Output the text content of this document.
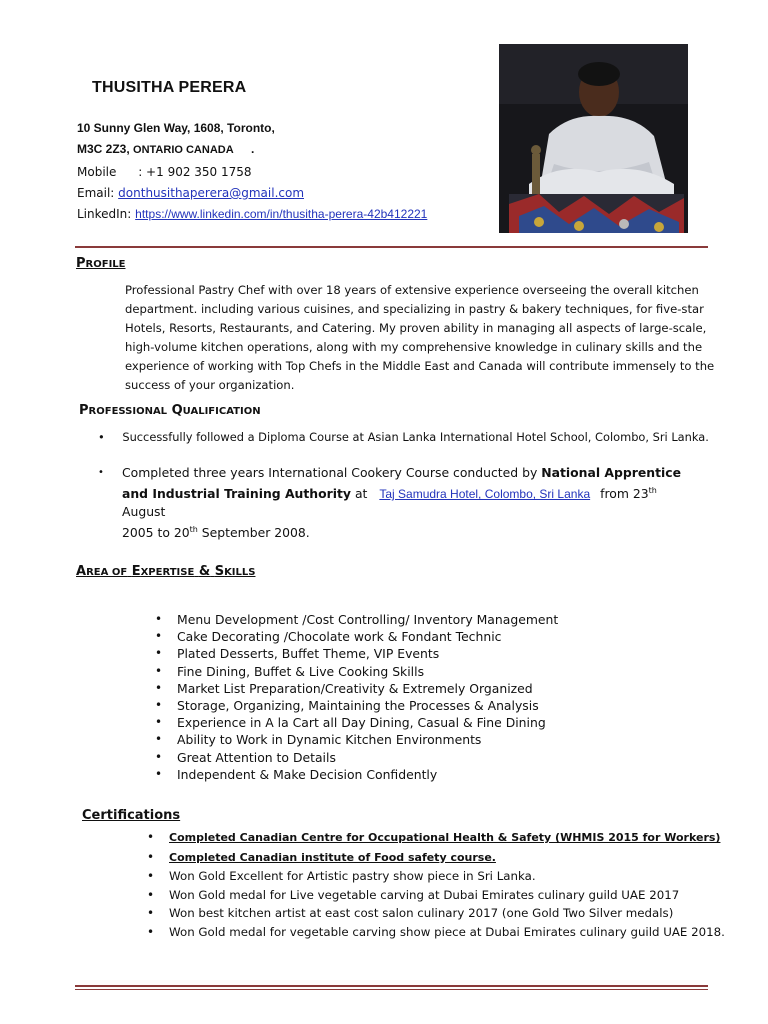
THUSITHA PERERA
10 Sunny Glen Way, 1608, Toronto,
M3C 2Z3, ONTARIO CANADA .
Mobile : +1 902 350 1758
Email: donthusithaperera@gmail.com
LinkedIn: https://www.linkedin.com/in/thusitha-perera-42b412221
PROFILE
Professional Pastry Chef with over 18 years of extensive experience overseeing the overall kitchen department. including various cuisines, and specializing in pastry & bakery techniques, for five-star Hotels, Resorts, Restaurants, and Catering. My proven ability in managing all aspects of large-scale, high-volume kitchen operations, along with my comprehensive knowledge in culinary skills and the experience of working with Top Chefs in the Middle East and Canada will contribute immensely to the success of your organization.
PROFESSIONAL QUALIFICATION
• Successfully followed a Diploma Course at Asian Lanka International Hotel School, Colombo, Sri Lanka.
• Completed three years International Cookery Course conducted by National Apprentice
and Industrial Training Authority at Taj Samudra Hotel, Colombo, Sri Lanka from 23th
August
2005 to 20th September 2008.
AREA OF EXPERTISE & SKILLS
• Menu Development /Cost Controlling/ Inventory Management
• Cake Decorating /Chocolate work & Fondant Technic
• Plated Desserts, Buffet Theme, VIP Events
• Fine Dining, Buffet & Live Cooking Skills
• Market List Preparation/Creativity & Extremely Organized
• Storage, Organizing, Maintaining the Processes & Analysis
• Experience in A la Cart all Day Dining, Casual & Fine Dining
• Ability to Work in Dynamic Kitchen Environments
• Great Attention to Details
• Independent & Make Decision Confidently
Certifications
• Completed Canadian Centre for Occupational Health & Safety (WHMIS 2015 for Workers)
• Completed Canadian institute of Food safety course.
• Won Gold Excellent for Artistic pastry show piece in Sri Lanka.
• Won Gold medal for Live vegetable carving at Dubai Emirates culinary guild UAE 2017
• Won best kitchen artist at east cost salon culinary 2017 (one Gold Two Silver medals)
• Won Gold medal for vegetable carving show piece at Dubai Emirates culinary guild UAE 2018.
